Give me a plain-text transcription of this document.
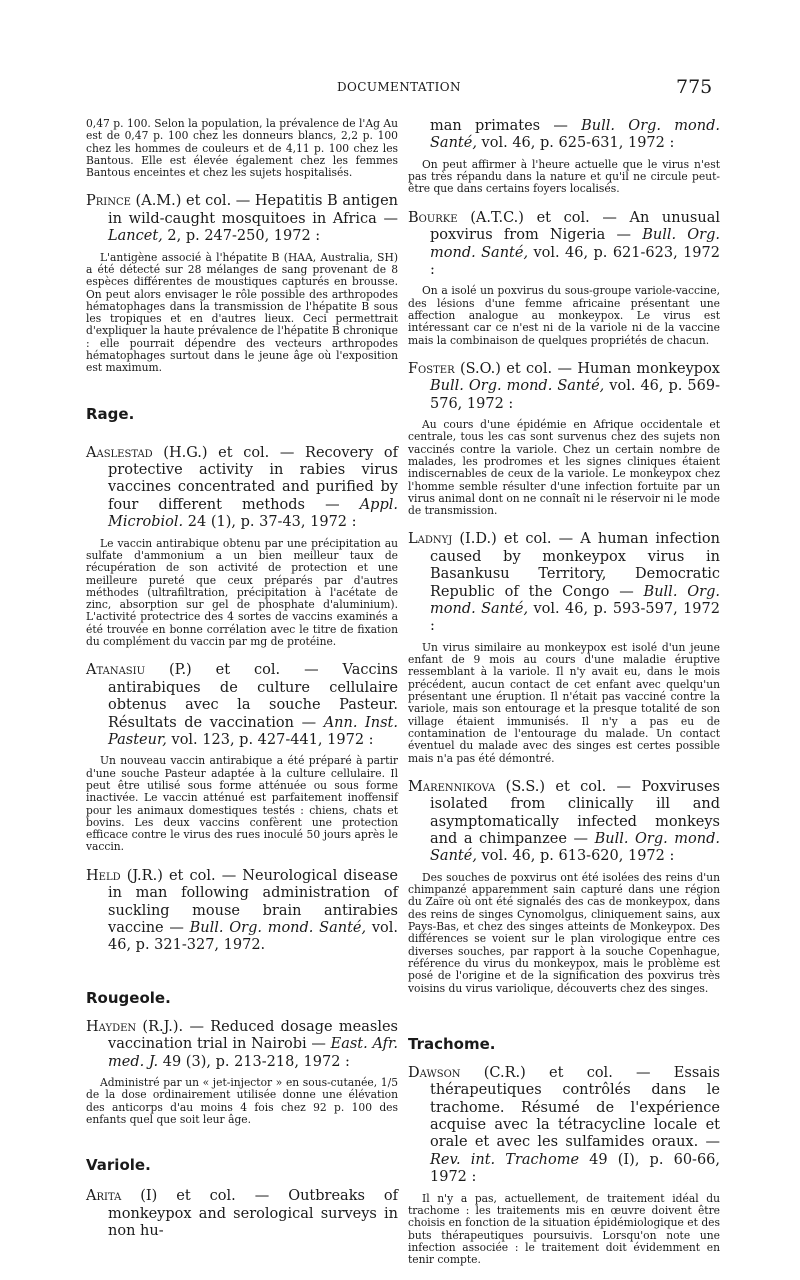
DOCUMENTATION	775

0,47 p. 100. Selon la population, la prévalence de l'Ag Au est de 0,47 p. 100 chez les donneurs blancs, 2,2 p. 100 chez les hommes de couleurs et de 4,11 p. 100 chez les Bantous. Elle est élevée également chez les femmes Bantous enceintes et chez les sujets hospitalisés.

Prince (A.M.) et col. — Hepatitis B antigen in wild-caught mosquitoes in Africa — Lancet, 2, p. 247-250, 1972 :

L'antigène associé à l'hépatite B (HAA, Australia, SH) a été détecté sur 28 mélanges de sang provenant de 8 espèces différentes de moustiques capturés en brousse. On peut alors envisager le rôle possible des arthropodes hématophages dans la transmission de l'hépatite B sous les tropiques et en d'autres lieux. Ceci permettrait d'expliquer la haute prévalence de l'hépatite B chronique : elle pourrait dépendre des vecteurs arthropodes hématophages surtout dans le jeune âge où l'exposition est maximum.

Rage.

Aaslestad (H.G.) et col. — Recovery of protective activity in rabies virus vaccines concentrated and purified by four different methods — Appl. Microbiol. 24 (1), p. 37-43, 1972 :

Le vaccin antirabique obtenu par une précipitation au sulfate d'ammonium a un bien meilleur taux de récupération de son activité de protection et une meilleure pureté que ceux préparés par d'autres méthodes (ultrafiltration, précipitation à l'acétate de zinc, absorption sur gel de phosphate d'aluminium). L'activité protectrice des 4 sortes de vaccins examinés a été trouvée en bonne corrélation avec le titre de fixation du complément du vaccin par mg de protéine.

Atanasiu (P.) et col. — Vaccins antirabiques de culture cellulaire obtenus avec la souche Pasteur. Résultats de vaccination — Ann. Inst. Pasteur, vol. 123, p. 427-441, 1972 :

Un nouveau vaccin antirabique a été préparé à partir d'une souche Pasteur adaptée à la culture cellulaire. Il peut être utilisé sous forme atténuée ou sous forme inactivée. Le vaccin atténué est parfaitement inoffensif pour les animaux domestiques testés : chiens, chats et bovins. Les deux vaccins confèrent une protection efficace contre le virus des rues inoculé 50 jours après le vaccin.

Held (J.R.) et col. — Neurological disease in man following administration of suckling mouse brain antirabies vaccine — Bull. Org. mond. Santé, vol. 46, p. 321-327, 1972.

Rougeole.

Hayden (R.J.). — Reduced dosage measles vaccination trial in Nairobi — East. Afr. med. J. 49 (3), p. 213-218, 1972 :

Administré par un « jet-injector » en sous-cutanée, 1/5 de la dose ordinairement utilisée donne une élévation des anticorps d'au moins 4 fois chez 92 p. 100 des enfants quel que soit leur âge.

Variole.

Arita (I) et col. — Outbreaks of monkeypox and serological surveys in non hu-

man primates — Bull. Org. mond. Santé, vol. 46, p. 625-631, 1972 :

On peut affirmer à l'heure actuelle que le virus n'est pas très répandu dans la nature et qu'il ne circule peut-être que dans certains foyers localisés.

Bourke (A.T.C.) et col. — An unusual poxvirus from Nigeria — Bull. Org. mond. Santé, vol. 46, p. 621-623, 1972 :

On a isolé un poxvirus du sous-groupe variole-vaccine, des lésions d'une femme africaine présentant une affection analogue au monkeypox. Le virus est intéressant car ce n'est ni de la variole ni de la vaccine mais la combinaison de quelques propriétés de chacun.

Foster (S.O.) et col. — Human monkeypox Bull. Org. mond. Santé, vol. 46, p. 569-576, 1972 :

Au cours d'une épidémie en Afrique occidentale et centrale, tous les cas sont survenus chez des sujets non vaccinés contre la variole. Chez un certain nombre de malades, les prodromes et les signes cliniques étaient indiscernables de ceux de la variole. Le monkeypox chez l'homme semble résulter d'une infection fortuite par un virus animal dont on ne connaît ni le réservoir ni le mode de transmission.

Ladnyj (I.D.) et col. — A human infection caused by monkeypox virus in Basankusu Territory, Democratic Republic of the Congo — Bull. Org. mond. Santé, vol. 46, p. 593-597, 1972 :

Un virus similaire au monkeypox est isolé d'un jeune enfant de 9 mois au cours d'une maladie éruptive ressemblant à la variole. Il n'y avait eu, dans le mois précédent, aucun contact de cet enfant avec quelqu'un présentant une éruption. Il n'était pas vacciné contre la variole, mais son entourage et la presque totalité de son village étaient immunisés. Il n'y a pas eu de contamination de l'entourage du malade. Un contact éventuel du malade avec des singes est certes possible mais n'a pas été démontré.

Marennikova (S.S.) et col. — Poxviruses isolated from clinically ill and asymptomatically infected monkeys and a chimpanzee — Bull. Org. mond. Santé, vol. 46, p. 613-620, 1972 :

Des souches de poxvirus ont été isolées des reins d'un chimpanzé apparemment sain capturé dans une région du Zaïre où ont été signalés des cas de monkeypox, dans des reins de singes Cynomolgus, cliniquement sains, aux Pays-Bas, et chez des singes atteints de Monkeypox. Des différences se voient sur le plan virologique entre ces diverses souches, par rapport à la souche Copenhague, référence du virus du monkeypox, mais le problème est posé de l'origine et de la signification des poxvirus très voisins du virus variolique, découverts chez des singes.

Trachome.

Dawson (C.R.) et col. — Essais thérapeutiques contrôlés dans le trachome. Résumé de l'expérience acquise avec la tétracycline locale et orale et avec les sulfamides oraux. — Rev. int. Trachome 49 (I), p. 60-66, 1972 :

Il n'y a pas, actuellement, de traitement idéal du trachome : les traitements mis en œuvre doivent être choisis en fonction de la situation épidémiologique et des buts thérapeutiques poursuivis. Lorsqu'on note une infection associée : le traitement doit évidemment en tenir compte.
